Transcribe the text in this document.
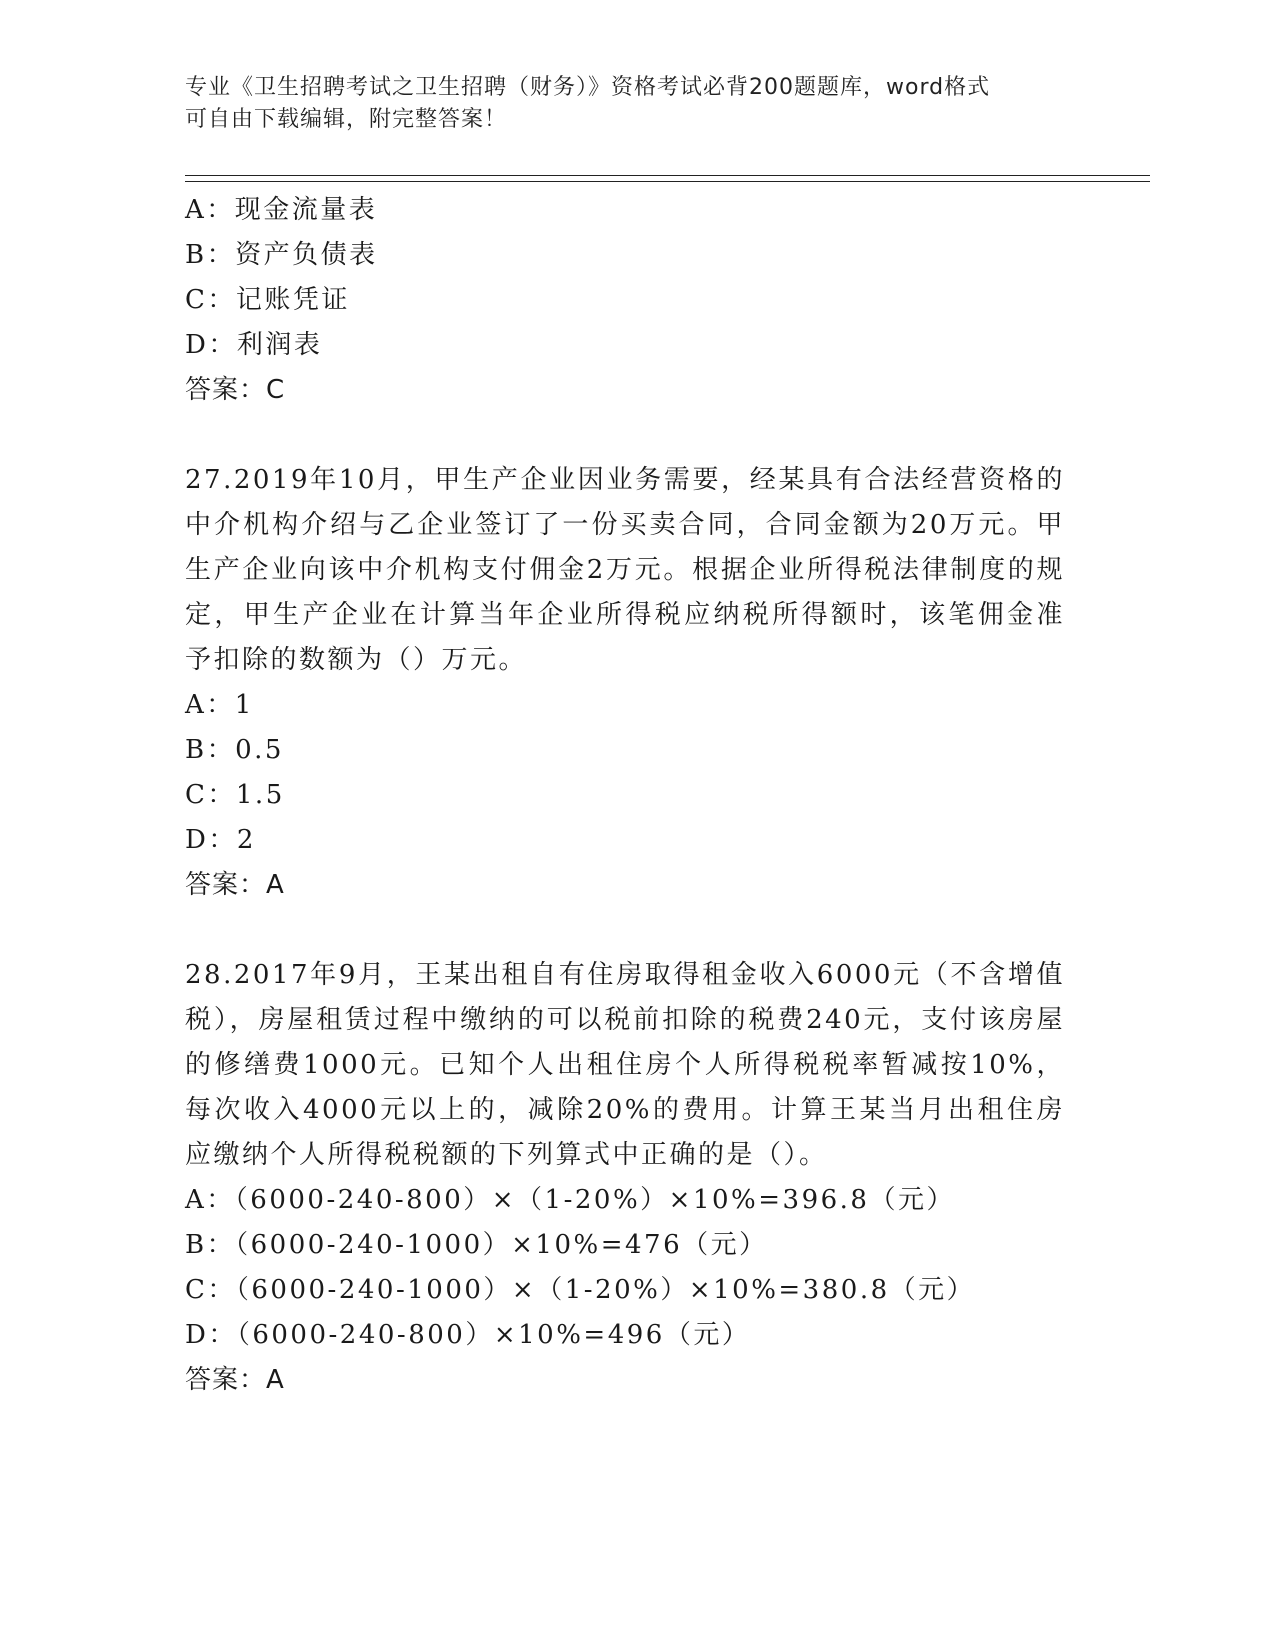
专业《卫生招聘考试之卫生招聘（财务）》资格考试必背200题题库，word格式
可自由下载编辑，附完整答案！
A：现金流量表
B：资产负债表
C：记账凭证
D：利润表
答案：C
27.2019年10月，甲生产企业因业务需要，经某具有合法经营资格的中介机构介绍与乙企业签订了一份买卖合同，合同金额为20万元。甲生产企业向该中介机构支付佣金2万元。根据企业所得税法律制度的规定，甲生产企业在计算当年企业所得税应纳税所得额时，该笔佣金准予扣除的数额为（）万元。
A：1
B：0.5
C：1.5
D：2
答案：A
28.2017年9月，王某出租自有住房取得租金收入6000元（不含增值税），房屋租赁过程中缴纳的可以税前扣除的税费240元，支付该房屋的修缮费1000元。已知个人出租住房个人所得税税率暂减按10%，每次收入4000元以上的，减除20%的费用。计算王某当月出租住房应缴纳个人所得税税额的下列算式中正确的是（）。
A：（6000-240-800）×（1-20%）×10%=396.8（元）
B：（6000-240-1000）×10%=476（元）
C：（6000-240-1000）×（1-20%）×10%=380.8（元）
D：（6000-240-800）×10%=496（元）
答案：A
